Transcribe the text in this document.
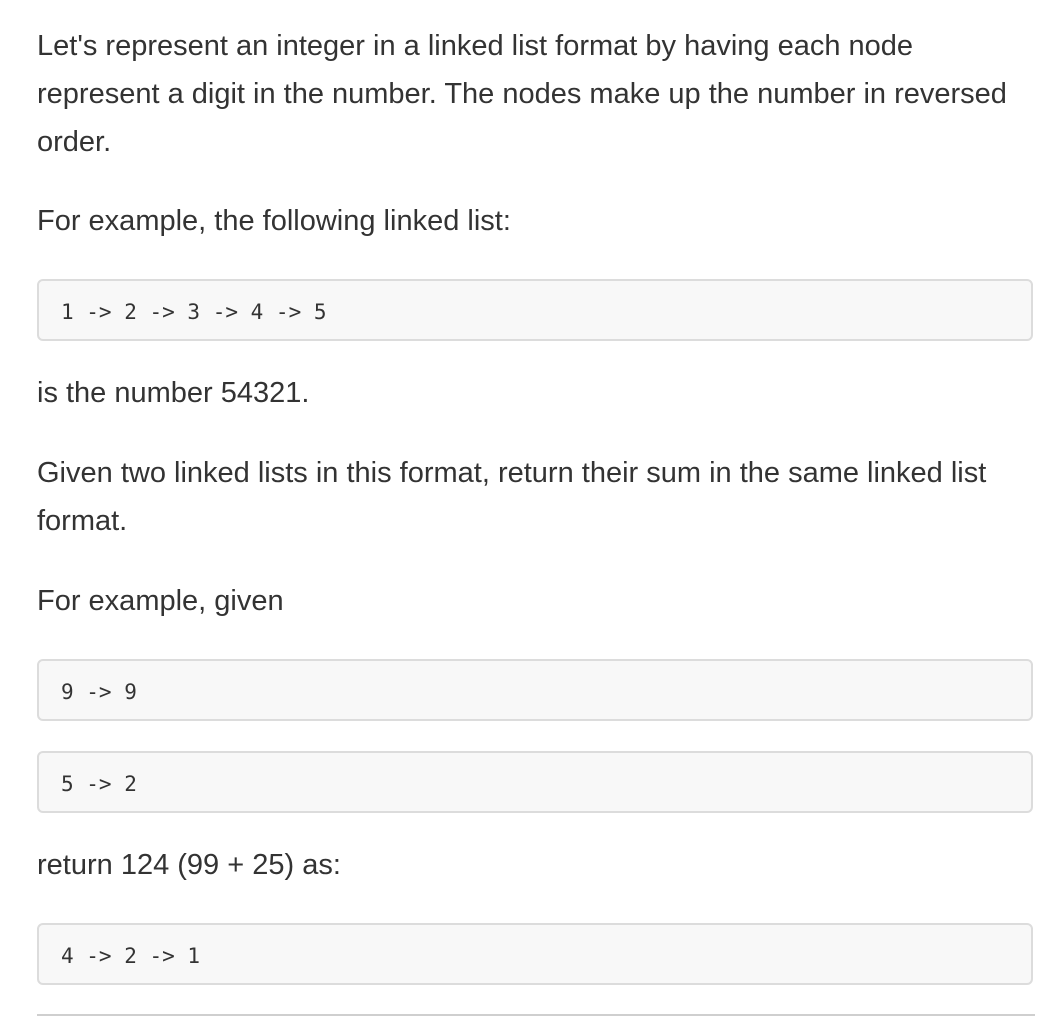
Let's represent an integer in a linked list format by having each node represent a digit in the number. The nodes make up the number in reversed order.

For example, the following linked list:

1 -> 2 -> 3 -> 4 -> 5

is the number 54321.

Given two linked lists in this format, return their sum in the same linked list format.

For example, given

9 -> 9
5 -> 2

return 124 (99 + 25) as:

4 -> 2 -> 1
